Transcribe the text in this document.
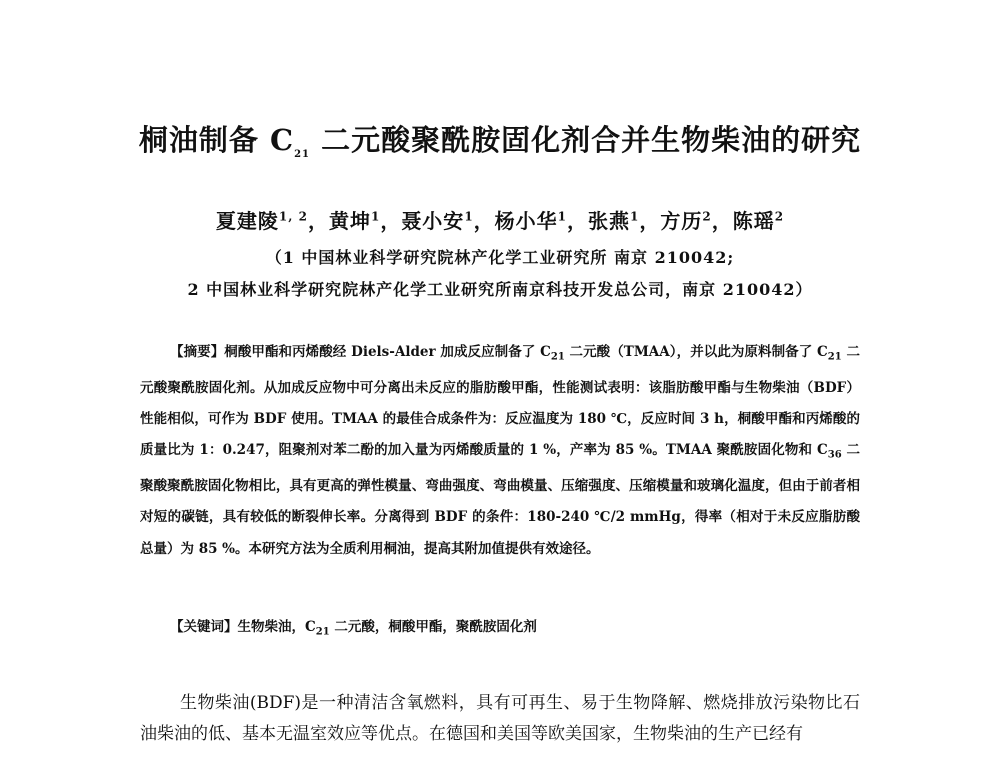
桐油制备 $C_{21}$ 二元酸聚酰胺固化剂合并生物柴油的研究
夏建陵$^{1, 2}$，黄坤$^1$，聂小安$^1$，杨小华$^1$，张燕$^1$，方历$^2$，陈瑶$^2$
（1 中国林业科学研究院林产化学工业研究所 南京 210042;
2 中国林业科学研究院林产化学工业研究所南京科技开发总公司，南京 210042）
【摘要】桐酸甲酯和丙烯酸经 Diels-Alder 加成反应制备了 $C_{21}$ 二元酸（TMAA），并以此为原料制备了 $C_{21}$ 二元酸聚酰胺固化剂。从加成反应物中可分离出未反应的脂肪酸甲酯，性能测试表明：该脂肪酸甲酯与生物柴油（BDF）性能相似，可作为 BDF 使用。TMAA 的最佳合成条件为：反应温度为 180 ℃，反应时间 3 h，桐酸甲酯和丙烯酸的质量比为 1：0.247，阻聚剂对苯二酚的加入量为丙烯酸质量的 1 %，产率为 85 %。TMAA 聚酰胺固化物和 $C_{36}$ 二聚酸聚酰胺固化物相比，具有更高的弹性模量、弯曲强度、弯曲模量、压缩强度、压缩模量和玻璃化温度，但由于前者相对短的碳链，具有较低的断裂伸长率。分离得到 BDF 的条件：180-240 ℃/2 mmHg，得率（相对于未反应脂肪酸总量）为 85 %。本研究方法为全质利用桐油，提高其附加值提供有效途径。
【关键词】生物柴油，$C_{21}$ 二元酸，桐酸甲酯，聚酰胺固化剂
生物柴油(BDF)是一种清洁含氧燃料，具有可再生、易于生物降解、燃烧排放污染物比石油柴油的低、基本无温室效应等优点。在德国和美国等欧美国家，生物柴油的生产已经有
